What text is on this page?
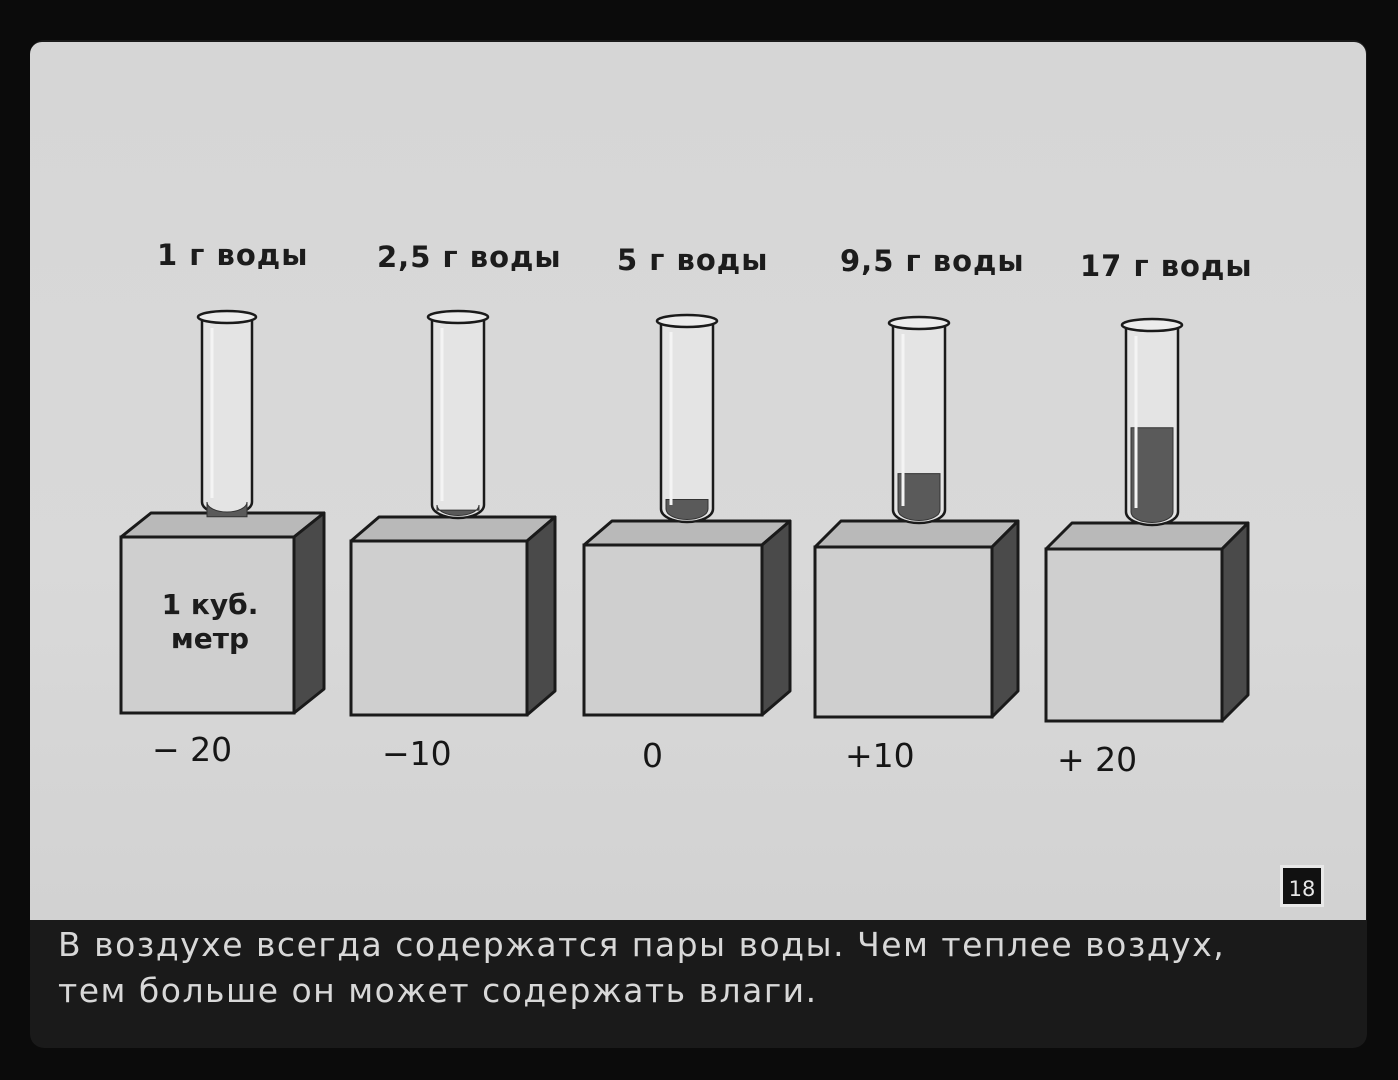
1 г воды 2,5 г воды 5 г воды 9,5 г воды 17 г воды
1 куб.
метр
− 20	−10	0	+10	+ 20
18
В воздухе всегда содержатся пары воды. Чем теплее воздух,
тем больше он может содержать влаги.
